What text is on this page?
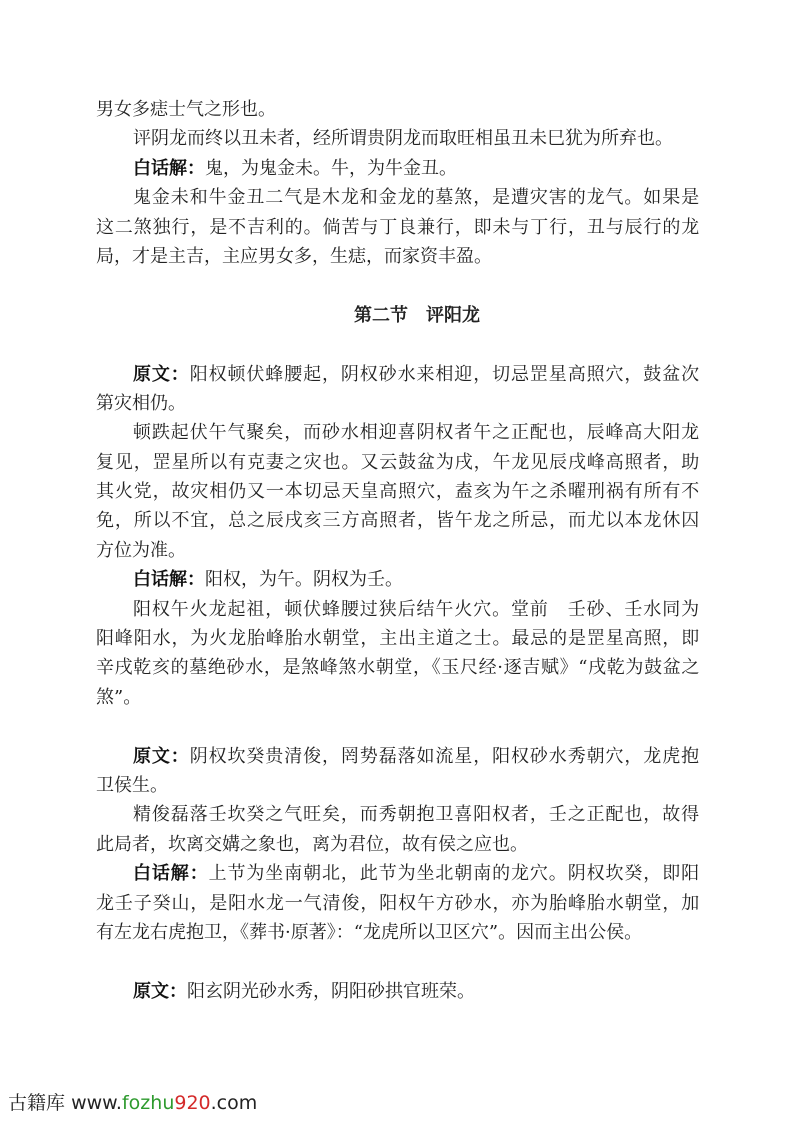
男女多痣士气之形也。
评阴龙而终以丑未者，经所谓贵阴龙而取旺相虽丑未巳犹为所弃也。
白话解：鬼，为鬼金未。牛，为牛金丑。
鬼金未和牛金丑二气是木龙和金龙的墓煞，是遭灾害的龙气。如果是
这二煞独行，是不吉利的。倘苦与丁良兼行，即未与丁行，丑与辰行的龙
局，才是主吉，主应男女多，生痣，而家资丰盈。
第二节 评阳龙
原文：阳权顿伏蜂腰起，阴权砂水来相迎，切忌罡星高照穴，鼓盆次
第灾相仍。
顿跌起伏午气聚矣，而砂水相迎喜阴权者午之正配也，辰峰高大阳龙
复见，罡星所以有克妻之灾也。又云鼓盆为戌，午龙见辰戌峰高照者，助
其火党，故灾相仍又一本切忌天皇高照穴，盍亥为午之杀曜刑祸有所有不
免，所以不宜，总之辰戌亥三方高照者，皆午龙之所忌，而尤以本龙休囚
方位为准。
白话解：阳权，为午。阴权为壬。
阳权午火龙起祖，顿伏蜂腰过狭后结午火穴。堂前　壬砂、壬水同为
阳峰阳水，为火龙胎峰胎水朝堂，主出主道之士。最忌的是罡星高照，即
辛戌乾亥的墓绝砂水，是煞峰煞水朝堂，《玉尺经·逐吉赋》“戌乾为鼓盆之
煞”。
原文：阴权坎癸贵清俊，罔势磊落如流星，阳权砂水秀朝穴，龙虎抱
卫侯生。
精俊磊落壬坎癸之气旺矣，而秀朝抱卫喜阳权者，壬之正配也，故得
此局者，坎离交媾之象也，离为君位，故有侯之应也。
白话解：上节为坐南朝北，此节为坐北朝南的龙穴。阴权坎癸，即阳
龙壬子癸山，是阳水龙一气清俊，阳权午方砂水，亦为胎峰胎水朝堂，加
有左龙右虎抱卫，《葬书·原著》：“龙虎所以卫区穴”。因而主出公侯。
原文：阳玄阴光砂水秀，阴阳砂拱官班荣。
古籍库 www.fozhu920.com
